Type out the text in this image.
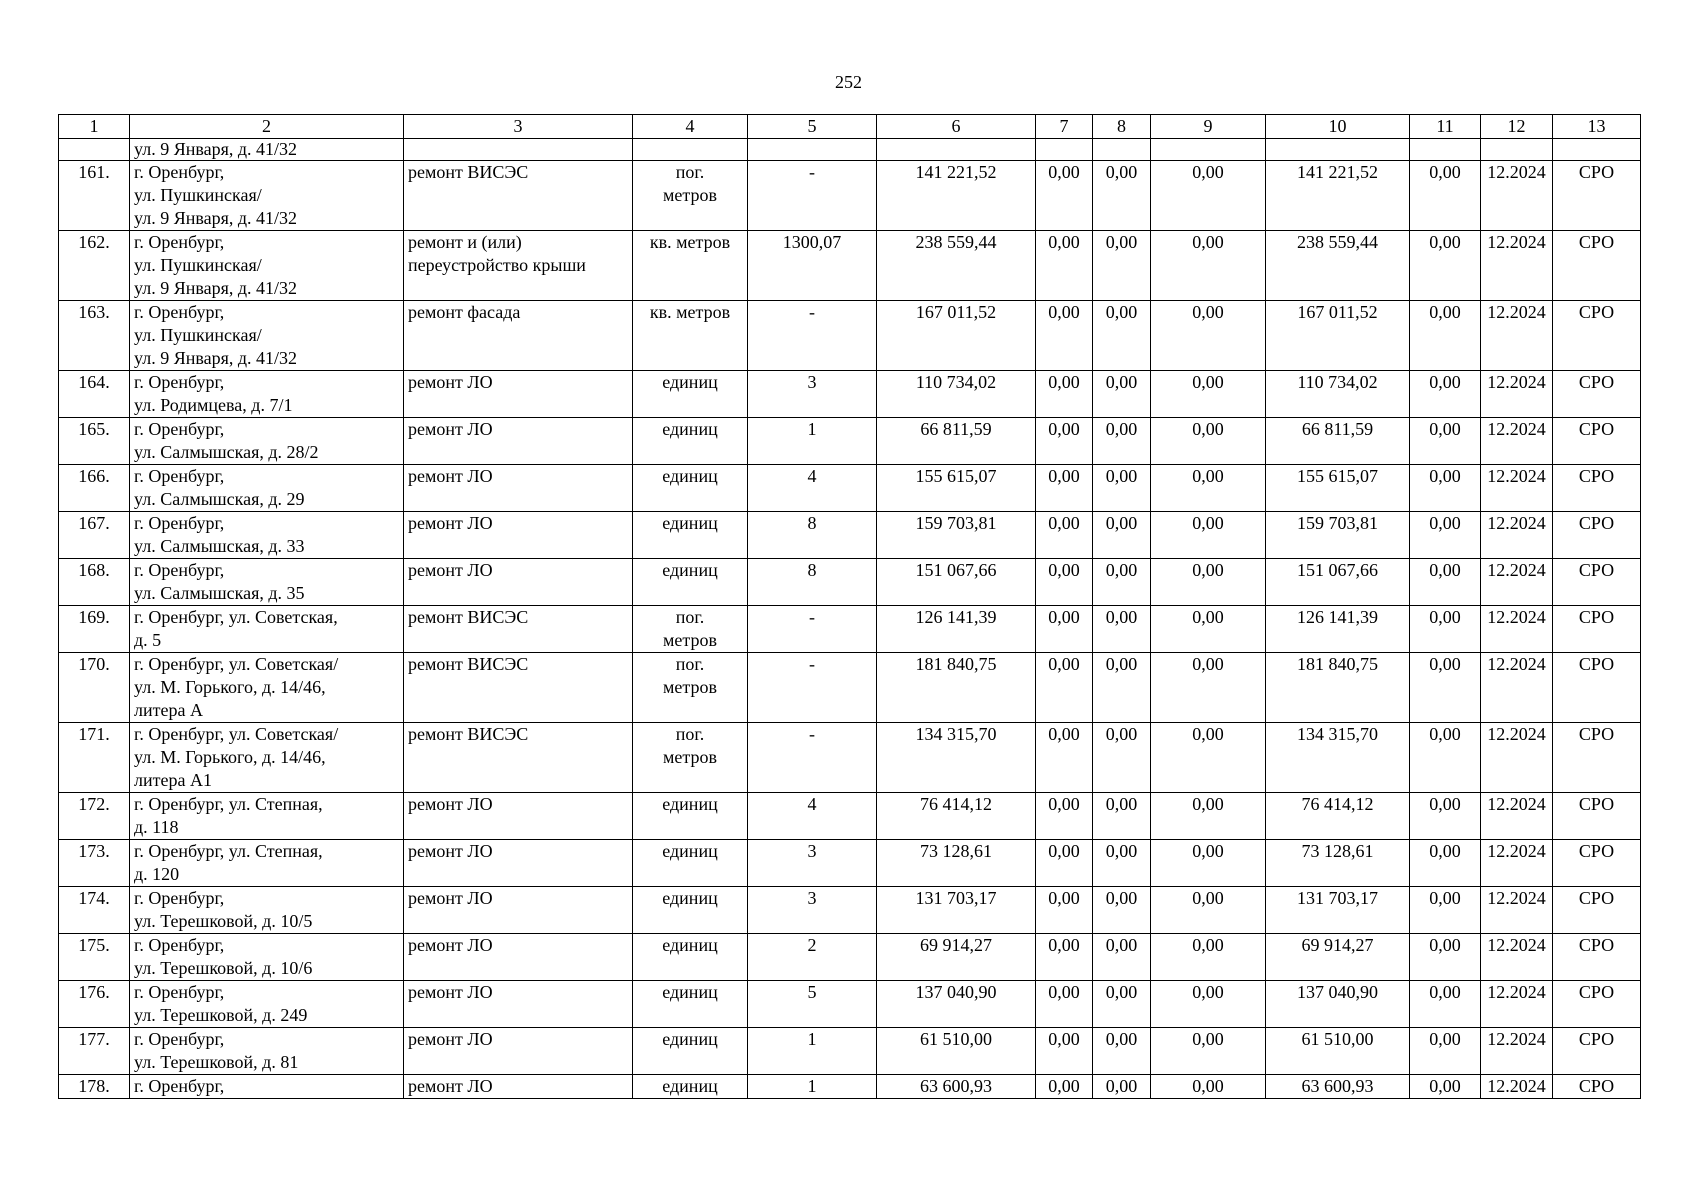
252
1	2	3	4	5	6	7	8	9	10	11	12	13
	ул. 9 Января, д. 41/32											
161.	г. Оренбург,
ул. Пушкинская/
ул. 9 Января, д. 41/32	ремонт ВИСЭС	пог.
метров	-	141 221,52	0,00	0,00	0,00	141 221,52	0,00	12.2024	СРО
162.	г. Оренбург,
ул. Пушкинская/
ул. 9 Января, д. 41/32	ремонт и (или)
переустройство крыши	кв. метров	1300,07	238 559,44	0,00	0,00	0,00	238 559,44	0,00	12.2024	СРО
163.	г. Оренбург,
ул. Пушкинская/
ул. 9 Января, д. 41/32	ремонт фасада	кв. метров	-	167 011,52	0,00	0,00	0,00	167 011,52	0,00	12.2024	СРО
164.	г. Оренбург,
ул. Родимцева, д. 7/1	ремонт ЛО	единиц	3	110 734,02	0,00	0,00	0,00	110 734,02	0,00	12.2024	СРО
165.	г. Оренбург,
ул. Салмышская, д. 28/2	ремонт ЛО	единиц	1	66 811,59	0,00	0,00	0,00	66 811,59	0,00	12.2024	СРО
166.	г. Оренбург,
ул. Салмышская, д. 29	ремонт ЛО	единиц	4	155 615,07	0,00	0,00	0,00	155 615,07	0,00	12.2024	СРО
167.	г. Оренбург,
ул. Салмышская, д. 33	ремонт ЛО	единиц	8	159 703,81	0,00	0,00	0,00	159 703,81	0,00	12.2024	СРО
168.	г. Оренбург,
ул. Салмышская, д. 35	ремонт ЛО	единиц	8	151 067,66	0,00	0,00	0,00	151 067,66	0,00	12.2024	СРО
169.	г. Оренбург, ул. Советская,
д. 5	ремонт ВИСЭС	пог.
метров	-	126 141,39	0,00	0,00	0,00	126 141,39	0,00	12.2024	СРО
170.	г. Оренбург, ул. Советская/
ул. М. Горького, д. 14/46,
литера А	ремонт ВИСЭС	пог.
метров	-	181 840,75	0,00	0,00	0,00	181 840,75	0,00	12.2024	СРО
171.	г. Оренбург, ул. Советская/
ул. М. Горького, д. 14/46,
литера А1	ремонт ВИСЭС	пог.
метров	-	134 315,70	0,00	0,00	0,00	134 315,70	0,00	12.2024	СРО
172.	г. Оренбург, ул. Степная,
д. 118	ремонт ЛО	единиц	4	76 414,12	0,00	0,00	0,00	76 414,12	0,00	12.2024	СРО
173.	г. Оренбург, ул. Степная,
д. 120	ремонт ЛО	единиц	3	73 128,61	0,00	0,00	0,00	73 128,61	0,00	12.2024	СРО
174.	г. Оренбург,
ул. Терешковой, д. 10/5	ремонт ЛО	единиц	3	131 703,17	0,00	0,00	0,00	131 703,17	0,00	12.2024	СРО
175.	г. Оренбург,
ул. Терешковой, д. 10/6	ремонт ЛО	единиц	2	69 914,27	0,00	0,00	0,00	69 914,27	0,00	12.2024	СРО
176.	г. Оренбург,
ул. Терешковой, д. 249	ремонт ЛО	единиц	5	137 040,90	0,00	0,00	0,00	137 040,90	0,00	12.2024	СРО
177.	г. Оренбург,
ул. Терешковой, д. 81	ремонт ЛО	единиц	1	61 510,00	0,00	0,00	0,00	61 510,00	0,00	12.2024	СРО
178.	г. Оренбург,	ремонт ЛО	единиц	1	63 600,93	0,00	0,00	0,00	63 600,93	0,00	12.2024	СРО
